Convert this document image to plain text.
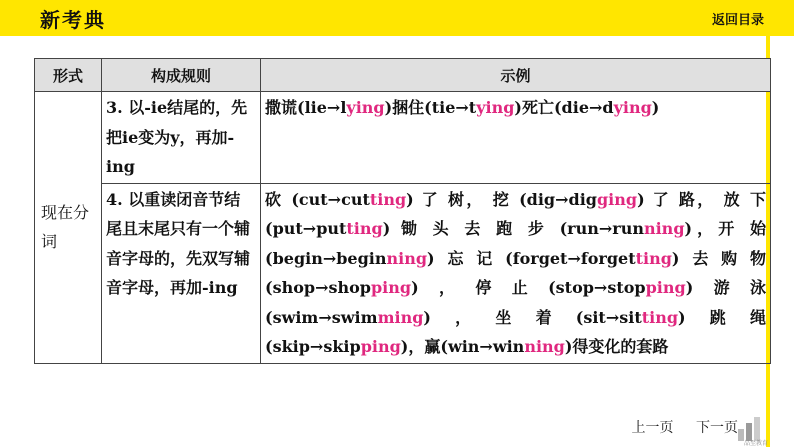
新考典	返回目录
形式	构成规则	示例
现在分词	3. 以-ie结尾的，先把ie变为y，再加-ing	撒谎(lie→lying)捆住(tie→tying)死亡(die→dying)
	4. 以重读闭音节结尾且末尾只有一个辅音字母的，先双写辅音字母，再加-ing	砍 (cut→cutting) 了 树， 挖 (dig→digging) 了 路， 放 下 (put→putting) 锄 头 去 跑 步 (run→running)，开 始 (begin→beginning)忘记(forget→forgetting)去购物(shop→shopping)，停止(stop→stopping)游泳(swim→swimming)，坐着(sit→sitting)跳绳(skip→skipping)，赢(win→winning)得变化的套路
上一页 下一页
品至教育
